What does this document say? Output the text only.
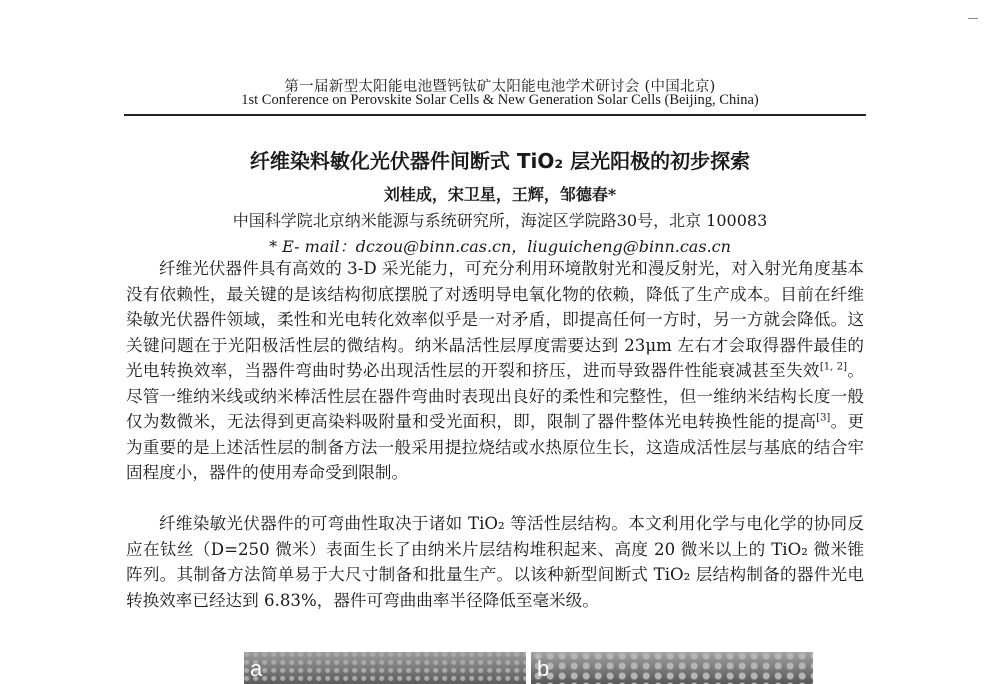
第一届新型太阳能电池暨钙钛矿太阳能电池学术研讨会 (中国北京)
1st Conference on Perovskite Solar Cells & New Generation Solar Cells (Beijing, China)
纤维染料敏化光伏器件间断式 TiO₂ 层光阳极的初步探索
刘桂成，宋卫星，王辉，邹德春*
中国科学院北京纳米能源与系统研究所，海淀区学院路30号，北京 100083
* E- mail：dczou@binn.cas.cn，liuguicheng@binn.cas.cn

纤维光伏器件具有高效的 3-D 采光能力，可充分利用环境散射光和漫反射光，对入射光角度基本没有依赖性，最关键的是该结构彻底摆脱了对透明导电氧化物的依赖，降低了生产成本。目前在纤维染敏光伏器件领域，柔性和光电转化效率似乎是一对矛盾，即提高任何一方时，另一方就会降低。这关键问题在于光阳极活性层的微结构。纳米晶活性层厚度需要达到 23μm 左右才会取得器件最佳的光电转换效率，当器件弯曲时势必出现活性层的开裂和挤压，进而导致器件性能衰减甚至失效[1, 2]。尽管一维纳米线或纳米棒活性层在器件弯曲时表现出良好的柔性和完整性，但一维纳米结构长度一般仅为数微米，无法得到更高染料吸附量和受光面积，即，限制了器件整体光电转换性能的提高[3]。更为重要的是上述活性层的制备方法一般采用提拉烧结或水热原位生长，这造成活性层与基底的结合牢固程度小，器件的使用寿命受到限制。

纤维染敏光伏器件的可弯曲性取决于诸如 TiO₂ 等活性层结构。本文利用化学与电化学的协同反应在钛丝（D=250 微米）表面生长了由纳米片层结构堆积起来、高度 20 微米以上的 TiO₂ 微米锥阵列。其制备方法简单易于大尺寸制备和批量生产。以该种新型间断式 TiO₂ 层结构制备的器件光电转换效率已经达到 6.83%，器件可弯曲曲率半径降低至毫米级。

a	b
